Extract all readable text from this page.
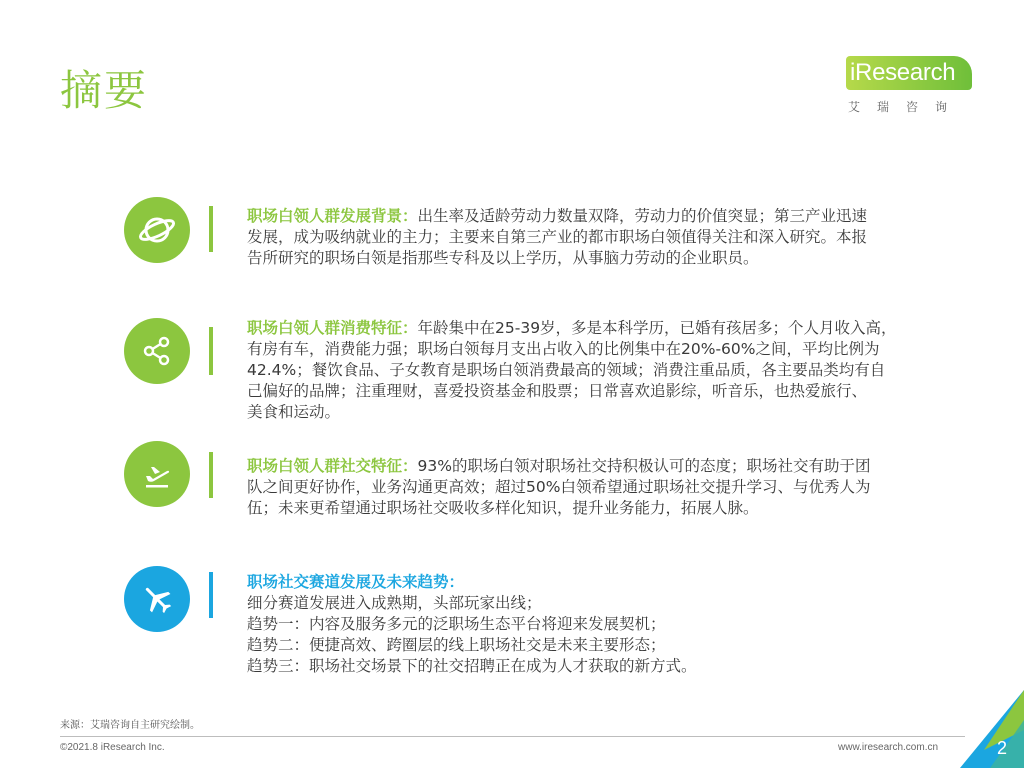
摘要	iResearch
艾瑞咨询
职场白领人群发展背景：出生率及适龄劳动力数量双降，劳动力的价值突显；第三产业迅速
发展，成为吸纳就业的主力；主要来自第三产业的都市职场白领值得关注和深入研究。本报
告所研究的职场白领是指那些专科及以上学历，从事脑力劳动的企业职员。
职场白领人群消费特征：年龄集中在25-39岁，多是本科学历，已婚有孩居多；个人月收入高，
有房有车，消费能力强；职场白领每月支出占收入的比例集中在20%-60%之间，平均比例为
42.4%；餐饮食品、子女教育是职场白领消费最高的领域；消费注重品质，各主要品类均有自
己偏好的品牌；注重理财，喜爱投资基金和股票；日常喜欢追影综，听音乐，也热爱旅行、
美食和运动。
职场白领人群社交特征：93%的职场白领对职场社交持积极认可的态度；职场社交有助于团
队之间更好协作，业务沟通更高效；超过50%白领希望通过职场社交提升学习、与优秀人为
伍；未来更希望通过职场社交吸收多样化知识，提升业务能力，拓展人脉。
职场社交赛道发展及未来趋势：
细分赛道发展进入成熟期，头部玩家出线；
趋势一：内容及服务多元的泛职场生态平台将迎来发展契机；
趋势二：便捷高效、跨圈层的线上职场社交是未来主要形态；
趋势三：职场社交场景下的社交招聘正在成为人才获取的新方式。
来源：艾瑞咨询自主研究绘制。
©2021.8 iResearch Inc.	www.iresearch.com.cn	2
